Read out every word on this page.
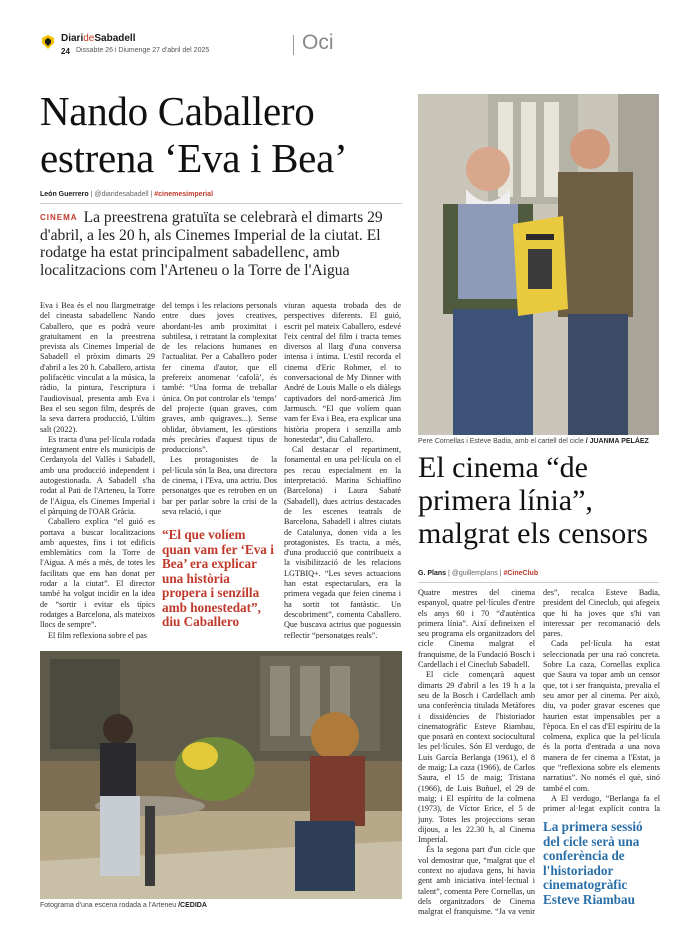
DiarideSabadell
24 Dissabte 26 i Diumenge 27 d'abril del 2025	Oci
Nando Caballero
estrena ‘Eva i Bea’
León Guerrero | @diaridesabadell | #cinemesimperial
CINEMA La preestrena gratuïta se celebrarà el dimarts 29 d'abril, a les 20 h, als Cinemes Imperial de la ciutat. El rodatge ha estat principalment sabadellenc, amb localitzacions com l'Arteneu o la Torre de l'Aigua

Eva i Bea és el nou llargmetratge del cineasta sabadellenc Nando Caballero, que es podrà veure gratuïtament en la preestrena prevista als Cinemes Imperial de Sabadell el pròxim dimarts 29 d'abril a les 20 h. Caballero, artista polifacètic vinculat a la música, la ràdio, la pintura, l'escriptura i l'audiovisual, presenta amb Eva i Bea el seu segon film, després de la seva darrera producció, L'últim salt (2022).

Es tracta d'una pel·lícula rodada íntegrament entre els municipis de Cerdanyola del Vallès i Sabadell, amb una producció independent i autogestionada. A Sabadell s'ha rodat al Pati de l'Arteneu, la Torre de l'Aigua, els Cinemes Imperial i el pàrquing de l'OAR Gràcia.

Caballero explica “el guió es portava a buscar localitzacions amb aquestes, fins i tot edificis emblemàtics com la Torre de l'Aigua. A més a més, de totes les facilitats que ens han donat per rodar a la ciutat”. El director també ha volgut incidir en la idea de “sortir i evitar els típics rodatges a Barcelona, als mateixos llocs de sempre”.

El film reflexiona sobre el pas

del temps i les relacions personals entre dues joves creatives, abordant-les amb proximitat i subtilesa, i retratant la complexitat de les relacions humanes en l'actualitat. Per a Caballero poder fer cinema d'autor, que ell prefereix anomenar ‘cafolà’, és també: “Una forma de treballar única. On pot controlar els ‘temps’ del projecte (quan graves, com graves, amb quigraves...). Sense oblidar, òbviament, les qüestions més precàries d'aquest tipus de produccions”.

Les protagonistes de la pel·lícula són la Bea, una directora de cinema, i l'Eva, una actriu. Dos personatges que es retroben en un bar per parlar sobre la crisi de la seva relació, i que

“El que volíem quan vam fer ‘Eva i Bea’ era explicar una història propera i senzilla amb honestedat”, diu Caballero

viuran aquesta trobada des de perspectives diferents. El guió, escrit pel mateix Caballero, esdevé l'eix central del film i tracta temes diversos al llarg d'una conversa intensa i íntima. L'estil recorda el cinema d'Eric Rohmer, el to conversacional de My Dinner with André de Louis Malle o els diàlegs captivadors del nord-americà Jim Jarmusch. “El que volíem quan vam fer Eva i Bea, era explicar una història propera i senzilla amb honestedat”, diu Caballero.

Cal destacar el repartiment, fonamental en una pel·lícula on el pes recau especialment en la interpretació. Marina Schiaffino (Barcelona) i Laura Sabaté (Sabadell), dues actrius destacades de les escenes teatrals de Barcelona, Sabadell i altres ciutats de Catalunya, donen vida a les protagonistes. Es tracta, a més, d'una producció que contribueix a la visibilització de les relacions LGTBIQ+. “Les seves actuacions han estat espectaculars, era la primera vegada que feien cinema i ha sortit tot fantàstic. Un descobriment”, comenta Caballero. Que buscava actrius que poguessin reflectir “personatges reals”.

Fotograma d'una escena rodada a l'Arteneu /CEDIDA
Pere Cornellas i Esteve Badia, amb el cartell del cicle / JUANMA PELÁEZ
El cinema “de primera línia”, malgrat els censors
G. Plans | @guillemplans | #CineClub

Quatre mestres del cinema espanyol, quatre pel·lícules d'entre els anys 60 i 70 “d'autèntica primera línia”. Així defineixen el seu programa els organitzadors del cicle Cinema malgrat el franquisme, de la Fundació Bosch i Cardellach i el Cineclub Sabadell.

El cicle començarà aquest dimarts 29 d'abril a les 19 h a la seu de la Bosch i Cardellach amb una conferència titulada Metàfores i dissidències de l'historiador cinematogràfic Esteve Riambau, que posarà en context sociocultural les pel·lícules. Són El verdugo, de Luis García Berlanga (1961), el 8 de maig; La caza (1966), de Carlos Saura, el 15 de maig; Tristana (1966), de Luis Buñuel, el 29 de maig; i El espíritu de la colmena (1973), de Víctor Erice, el 5 de juny. Totes les projeccions seran dijous, a les 22.30 h, al Cinema Imperial.

És la segona part d'un cicle que vol demostrar que, “malgrat que el context no ajudava gens, hi havia gent amb iniciativa intel·lectual i talent”, comenta Pere Cornellas, un dels organitzadors de Cinema malgrat el franquisme. “Ja va venir

des”, recalca Esteve Badia, president del Cineclub, qui afegeix que hi ha joves que s'hi van interessar per recomanació dels pares.

Cada pel·lícula ha estat seleccionada per una raó concreta. Sobre La caza, Cornellas explica que Saura va topar amb un censor que, tot i ser franquista, prevalia el seu amor per al cinema. Per això, diu, va poder gravar escenes que haurien estat impensables per a l'època. En el cas d'El espíritu de la colmena, explica que la pel·lícula és la porta d'entrada a una nova manera de fer cinema a l'Estat, ja que “reflexiona sobre els elements narratius”. No només el què, sinó també el com.

A El verdugo, “Berlanga fa el primer al·legat explícit contra la

La primera sessió del cicle serà una conferència de l'historiador cinematogràfic Esteve Riambau
